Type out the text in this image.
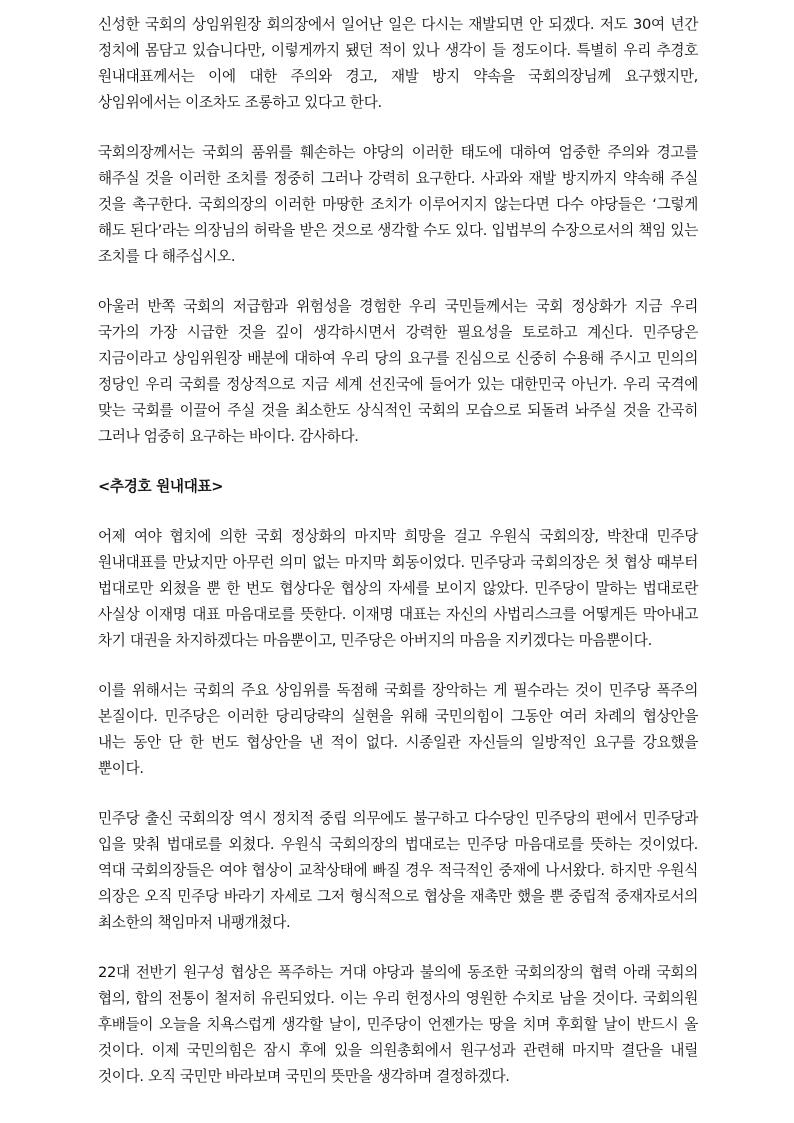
신성한 국회의 상임위원장 회의장에서 일어난 일은 다시는 재발되면 안 되겠다. 저도 30여 년간 정치에 몸담고 있습니다만, 이렇게까지 됐던 적이 있나 생각이 들 정도이다. 특별히 우리 추경호 원내대표께서는 이에 대한 주의와 경고, 재발 방지 약속을 국회의장님께 요구했지만, 상임위에서는 이조차도 조롱하고 있다고 한다.

국회의장께서는 국회의 품위를 훼손하는 야당의 이러한 태도에 대하여 엄중한 주의와 경고를 해주실 것을 이러한 조치를 정중히 그러나 강력히 요구한다. 사과와 재발 방지까지 약속해 주실 것을 촉구한다. 국회의장의 이러한 마땅한 조치가 이루어지지 않는다면 다수 야당들은 ‘그렇게 해도 된다’라는 의장님의 허락을 받은 것으로 생각할 수도 있다. 입법부의 수장으로서의 책임 있는 조치를 다 해주십시오.

아울러 반쪽 국회의 저급함과 위험성을 경험한 우리 국민들께서는 국회 정상화가 지금 우리 국가의 가장 시급한 것을 깊이 생각하시면서 강력한 필요성을 토로하고 계신다. 민주당은 지금이라고 상임위원장 배분에 대하여 우리 당의 요구를 진심으로 신중히 수용해 주시고 민의의 정당인 우리 국회를 정상적으로 지금 세계 선진국에 들어가 있는 대한민국 아닌가. 우리 국격에 맞는 국회를 이끌어 주실 것을 최소한도 상식적인 국회의 모습으로 되돌려 놔주실 것을 간곡히 그러나 엄중히 요구하는 바이다. 감사하다.

<추경호 원내대표>

어제 여야 협치에 의한 국회 정상화의 마지막 희망을 걸고 우원식 국회의장, 박찬대 민주당 원내대표를 만났지만 아무런 의미 없는 마지막 회동이었다. 민주당과 국회의장은 첫 협상 때부터 법대로만 외쳤을 뿐 한 번도 협상다운 협상의 자세를 보이지 않았다. 민주당이 말하는 법대로란 사실상 이재명 대표 마음대로를 뜻한다. 이재명 대표는 자신의 사법리스크를 어떻게든 막아내고 차기 대권을 차지하겠다는 마음뿐이고, 민주당은 아버지의 마음을 지키겠다는 마음뿐이다.

이를 위해서는 국회의 주요 상임위를 독점해 국회를 장악하는 게 필수라는 것이 민주당 폭주의 본질이다. 민주당은 이러한 당리당략의 실현을 위해 국민의힘이 그동안 여러 차례의 협상안을 내는 동안 단 한 번도 협상안을 낸 적이 없다. 시종일관 자신들의 일방적인 요구를 강요했을 뿐이다.

민주당 출신 국회의장 역시 정치적 중립 의무에도 불구하고 다수당인 민주당의 편에서 민주당과 입을 맞춰 법대로를 외쳤다. 우원식 국회의장의 법대로는 민주당 마음대로를 뜻하는 것이었다. 역대 국회의장들은 여야 협상이 교착상태에 빠질 경우 적극적인 중재에 나서왔다. 하지만 우원식 의장은 오직 민주당 바라기 자세로 그저 형식적으로 협상을 재촉만 했을 뿐 중립적 중재자로서의 최소한의 책임마저 내팽개쳤다.

22대 전반기 원구성 협상은 폭주하는 거대 야당과 불의에 동조한 국회의장의 협력 아래 국회의 협의, 합의 전통이 철저히 유린되었다. 이는 우리 헌정사의 영원한 수치로 남을 것이다. 국회의원 후배들이 오늘을 치욕스럽게 생각할 날이, 민주당이 언젠가는 땅을 치며 후회할 날이 반드시 올 것이다. 이제 국민의힘은 잠시 후에 있을 의원총회에서 원구성과 관련해 마지막 결단을 내릴 것이다. 오직 국민만 바라보며 국민의 뜻만을 생각하며 결정하겠다.
